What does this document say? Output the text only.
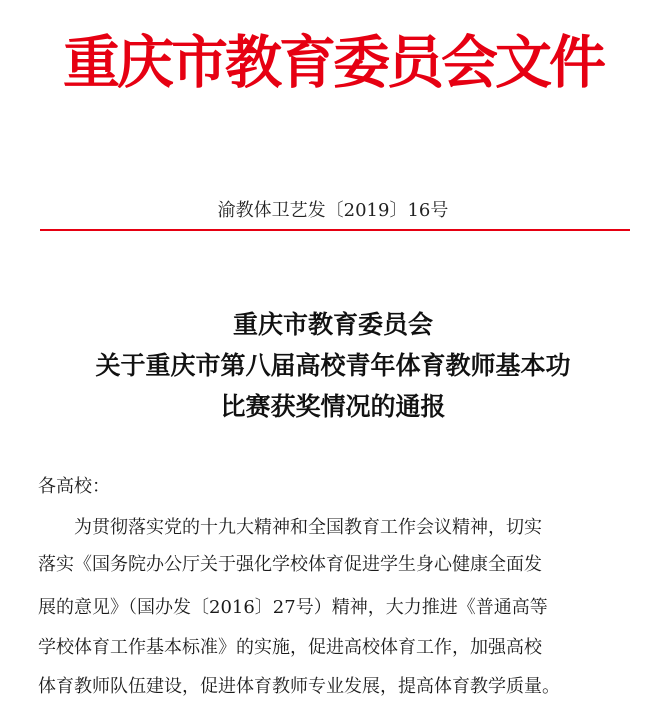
重庆市教育委员会文件
渝教体卫艺发〔2019〕16号
重庆市教育委员会
关于重庆市第八届高校青年体育教师基本功
比赛获奖情况的通报
各高校：
　　为贯彻落实党的十九大精神和全国教育工作会议精神，切实
落实《国务院办公厅关于强化学校体育促进学生身心健康全面发
展的意见》（国办发〔2016〕27号）精神，大力推进《普通高等
学校体育工作基本标准》的实施，促进高校体育工作，加强高校
体育教师队伍建设，促进体育教师专业发展，提高体育教学质量。
